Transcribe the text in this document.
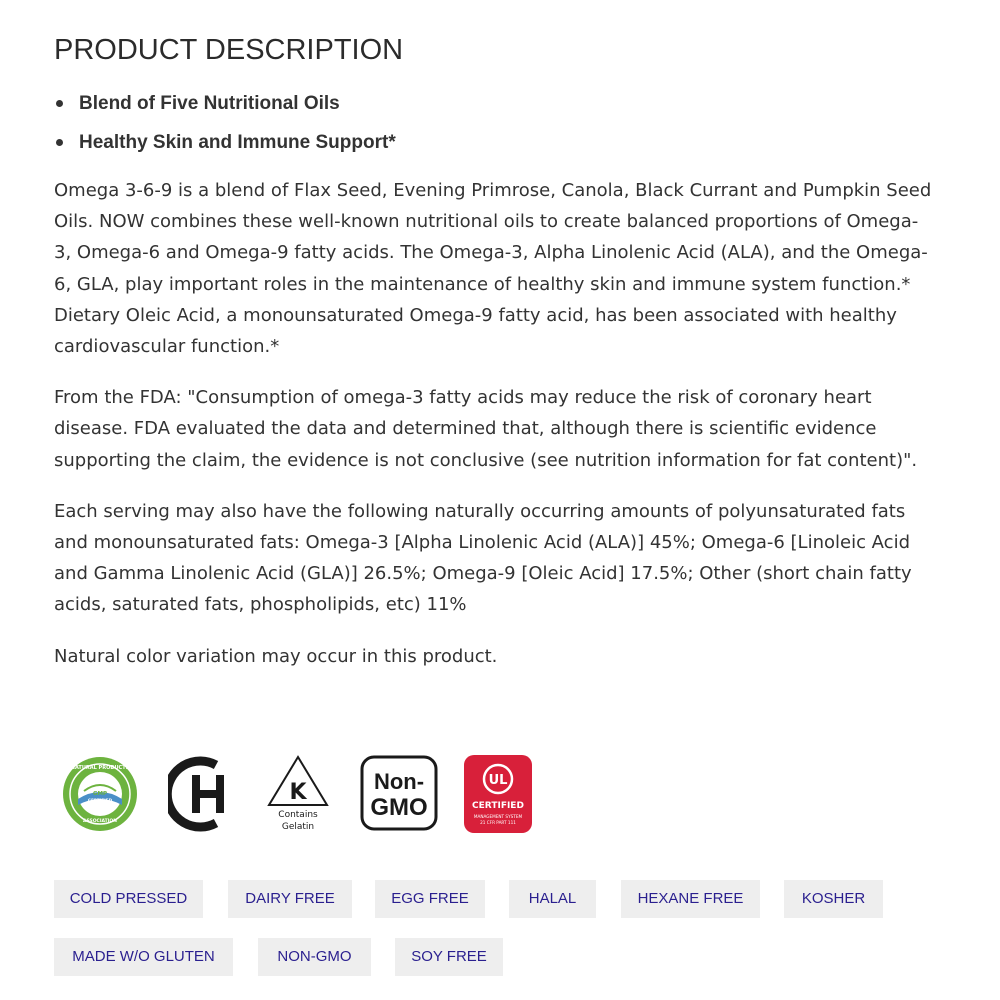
PRODUCT DESCRIPTION
Blend of Five Nutritional Oils
Healthy Skin and Immune Support*

Omega 3-6-9 is a blend of Flax Seed, Evening Primrose, Canola, Black Currant and Pumpkin Seed Oils. NOW combines these well-known nutritional oils to create balanced proportions of Omega-3, Omega-6 and Omega-9 fatty acids. The Omega-3, Alpha Linolenic Acid (ALA), and the Omega-6, GLA, play important roles in the maintenance of healthy skin and immune system function.* Dietary Oleic Acid, a monounsaturated Omega-9 fatty acid, has been associated with healthy cardiovascular function.*

From the FDA: "Consumption of omega-3 fatty acids may reduce the risk of coronary heart disease. FDA evaluated the data and determined that, although there is scientific evidence supporting the claim, the evidence is not conclusive (see nutrition information for fat content)".

Each serving may also have the following naturally occurring amounts of polyunsaturated fats and monounsaturated fats: Omega-3 [Alpha Linolenic Acid (ALA)] 45%; Omega-6 [Linoleic Acid and Gamma Linolenic Acid (GLA)] 26.5%; Omega-9 [Oleic Acid] 17.5%; Other (short chain fatty acids, saturated fats, phospholipids, etc) 11%

Natural color variation may occur in this product.

NATURAL PRODUCTS
GMP
CERTIFIED
ASSOCIATION
K
Contains
Gelatin
Non-
GMO
UL
CERTIFIED
MANAGEMENT SYSTEM
21 CFR PART 111
COLD PRESSED	DAIRY FREE	EGG FREE	HALAL	HEXANE FREE	KOSHER
MADE W/O GLUTEN	NON-GMO	SOY FREE
